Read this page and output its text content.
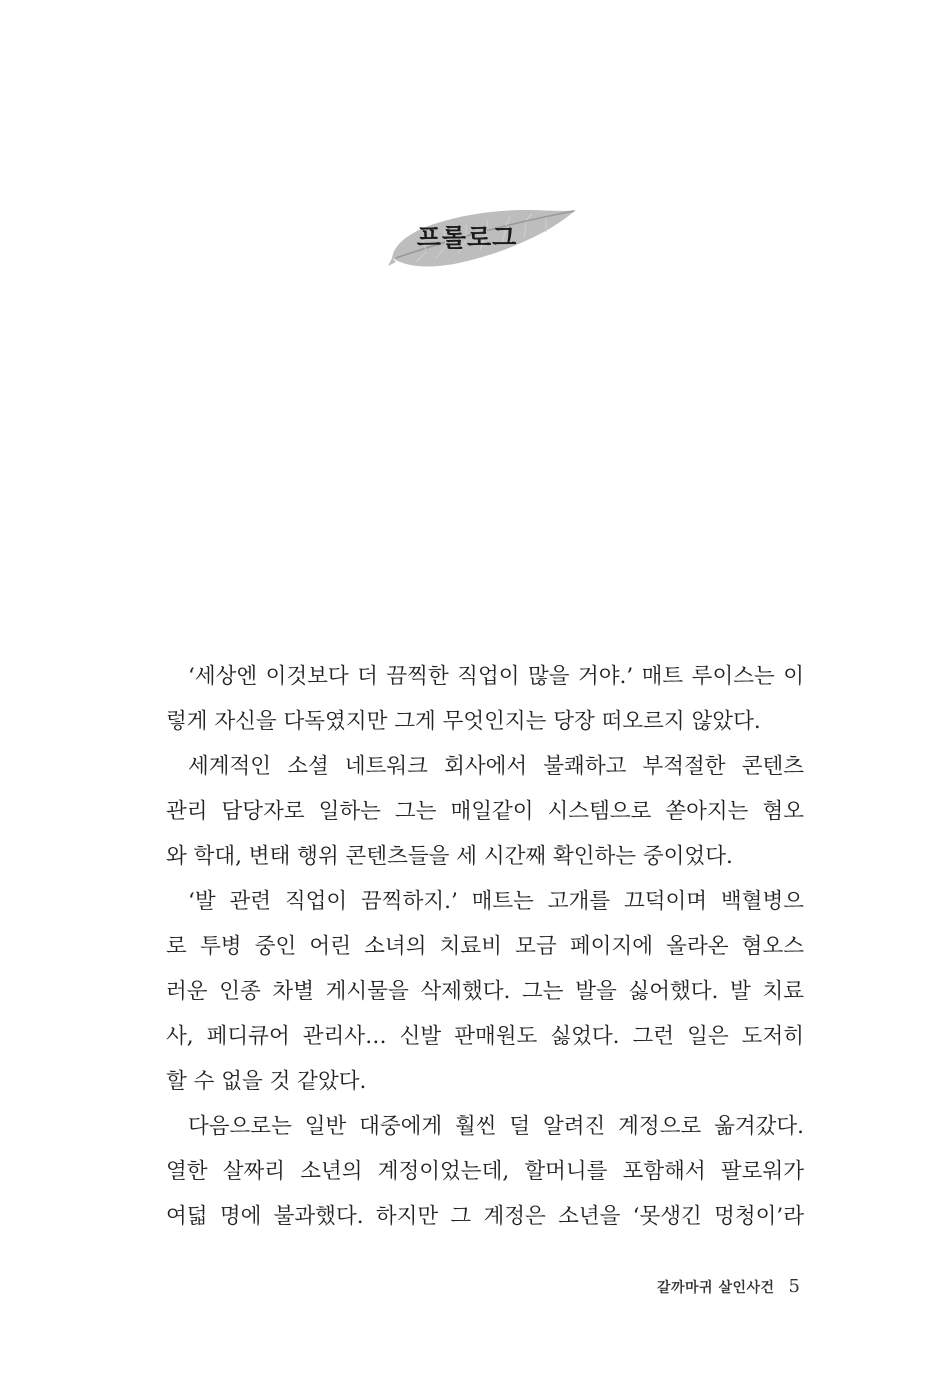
프롤로그
‘세상엔 이것보다 더 끔찍한 직업이 많을 거야.’ 매트 루이스는 이
렇게 자신을 다독였지만 그게 무엇인지는 당장 떠오르지 않았다.
세계적인 소셜 네트워크 회사에서 불쾌하고 부적절한 콘텐츠
관리 담당자로 일하는 그는 매일같이 시스템으로 쏟아지는 혐오
와 학대, 변태 행위 콘텐츠들을 세 시간째 확인하는 중이었다.
‘발 관련 직업이 끔찍하지.’ 매트는 고개를 끄덕이며 백혈병으
로 투병 중인 어린 소녀의 치료비 모금 페이지에 올라온 혐오스
러운 인종 차별 게시물을 삭제했다. 그는 발을 싫어했다. 발 치료
사, 페디큐어 관리사… 신발 판매원도 싫었다. 그런 일은 도저히
할 수 없을 것 같았다.
다음으로는 일반 대중에게 훨씬 덜 알려진 계정으로 옮겨갔다.
열한 살짜리 소년의 계정이었는데, 할머니를 포함해서 팔로워가
여덟 명에 불과했다. 하지만 그 계정은 소년을 ‘못생긴 멍청이’라
갈까마귀 살인사건 5
